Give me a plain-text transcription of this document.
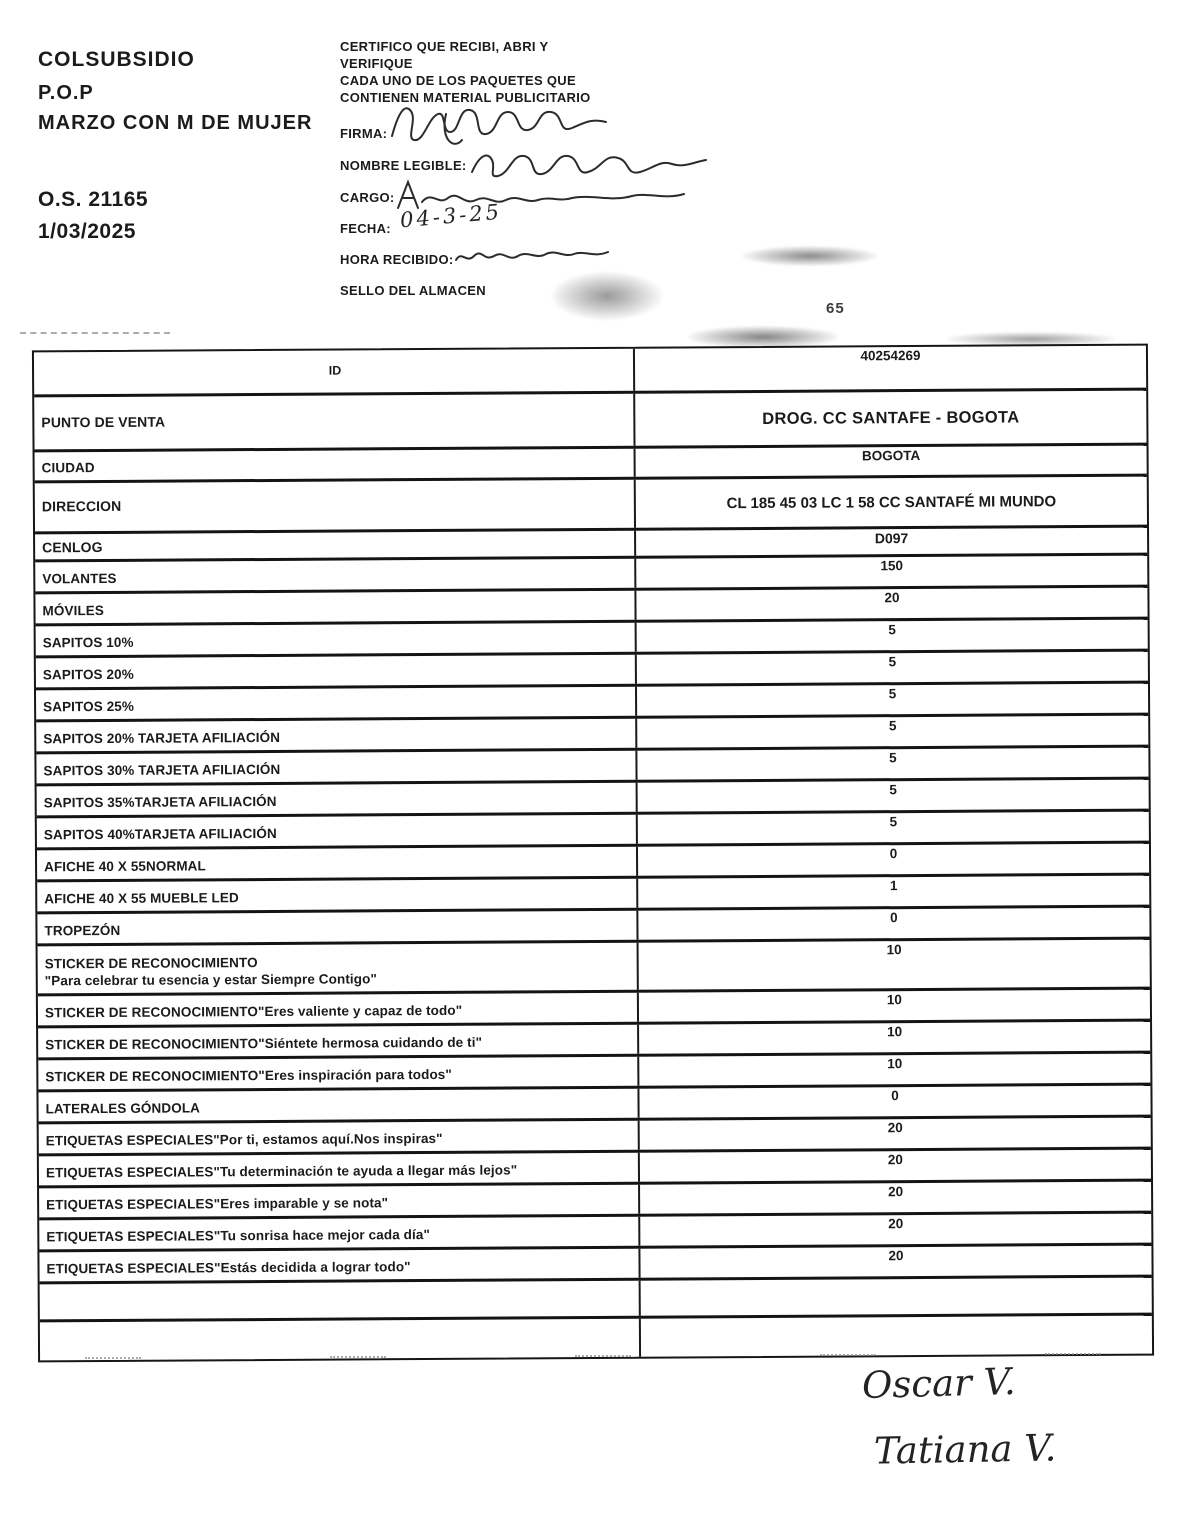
COLSUBSIDIO
P.O.P
MARZO CON M DE MUJER
O.S. 21165
1/03/2025
CERTIFICO QUE RECIBI, ABRI Y
VERIFIQUE
CADA UNO DE LOS PAQUETES QUE
CONTIENEN MATERIAL PUBLICITARIO
FIRMA:
NOMBRE LEGIBLE:
CARGO:
FECHA:
HORA RECIBIDO:
SELLO DEL ALMACEN
04-3-25
65
ID
40254269
PUNTO DE VENTA	DROG. CC SANTAFE - BOGOTA
CIUDAD
BOGOTA
DIRECCION	CL 185 45 03 LC 1 58 CC SANTAFÉ MI MUNDO
CENLOG
D097
VOLANTES
150
MÓVILES
20
SAPITOS 10%
5
SAPITOS 20%
5
SAPITOS 25%
5
SAPITOS 20% TARJETA AFILIACIÓN
5
SAPITOS 30% TARJETA AFILIACIÓN
5
SAPITOS 35%TARJETA AFILIACIÓN
5
SAPITOS 40%TARJETA AFILIACIÓN
5
AFICHE 40 X 55NORMAL
0
AFICHE 40 X 55 MUEBLE LED
1
TROPEZÓN
0
STICKER DE RECONOCIMIENTO
"Para celebrar tu esencia y estar Siempre Contigo"
10
STICKER DE RECONOCIMIENTO"Eres valiente y capaz de todo"
10
STICKER DE RECONOCIMIENTO"Siéntete hermosa cuidando de ti"
10
STICKER DE RECONOCIMIENTO"Eres inspiración para todos"
10
LATERALES GÓNDOLA
0
ETIQUETAS ESPECIALES"Por ti, estamos aquí.Nos inspiras"
20
ETIQUETAS ESPECIALES"Tu determinación te ayuda a llegar más lejos"
20
ETIQUETAS ESPECIALES"Eres imparable y se nota"
20
ETIQUETAS ESPECIALES"Tu sonrisa hace mejor cada día"
20
ETIQUETAS ESPECIALES"Estás decidida a lograr todo"
20
Oscar V.
Tatiana V.
